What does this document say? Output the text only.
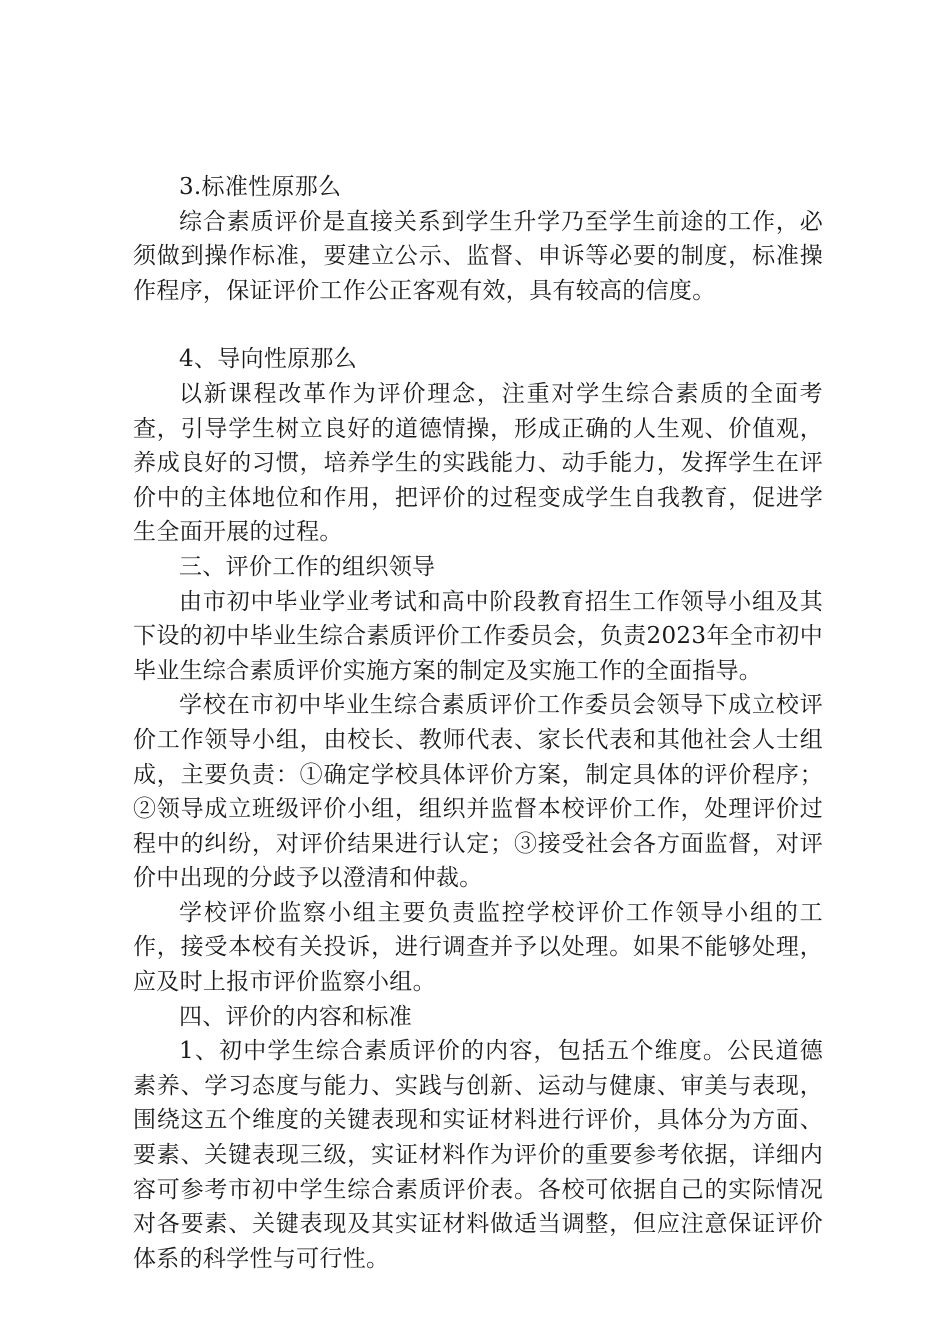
3.标准性原那么

综合素质评价是直接关系到学生升学乃至学生前途的工作，必须做到操作标准，要建立公示、监督、申诉等必要的制度，标准操作程序，保证评价工作公正客观有效，具有较高的信度。

4、导向性原那么

以新课程改革作为评价理念，注重对学生综合素质的全面考查，引导学生树立良好的道德情操，形成正确的人生观、价值观，养成良好的习惯，培养学生的实践能力、动手能力，发挥学生在评价中的主体地位和作用，把评价的过程变成学生自我教育，促进学生全面开展的过程。

三、评价工作的组织领导

由市初中毕业学业考试和高中阶段教育招生工作领导小组及其下设的初中毕业生综合素质评价工作委员会，负责2023年全市初中毕业生综合素质评价实施方案的制定及实施工作的全面指导。

学校在市初中毕业生综合素质评价工作委员会领导下成立校评价工作领导小组，由校长、教师代表、家长代表和其他社会人士组成，主要负责：①确定学校具体评价方案，制定具体的评价程序；②领导成立班级评价小组，组织并监督本校评价工作，处理评价过程中的纠纷，对评价结果进行认定；③接受社会各方面监督，对评价中出现的分歧予以澄清和仲裁。

学校评价监察小组主要负责监控学校评价工作领导小组的工作，接受本校有关投诉，进行调查并予以处理。如果不能够处理，应及时上报市评价监察小组。

四、评价的内容和标准

1、初中学生综合素质评价的内容，包括五个维度。公民道德素养、学习态度与能力、实践与创新、运动与健康、审美与表现，围绕这五个维度的关键表现和实证材料进行评价，具体分为方面、要素、关键表现三级，实证材料作为评价的重要参考依据，详细内容可参考市初中学生综合素质评价表。各校可依据自己的实际情况对各要素、关键表现及其实证材料做适当调整，但应注意保证评价体系的科学性与可行性。
